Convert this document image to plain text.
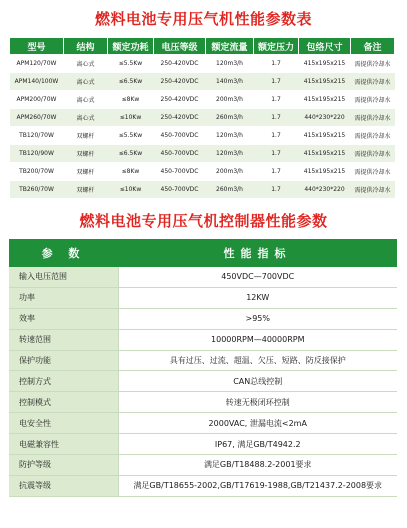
燃料电池专用压气机性能参数表
型号	结构	额定功耗	电压等级	额定流量	额定压力	包络尺寸	备注
APM120/70W	离心式	≤5.5Kw	250-420VDC	120m3/h	1.7	415x195x215	需提供冷却水
APM140/100W	离心式	≤6.5Kw	250-420VDC	140m3/h	1.7	415x195x215	需提供冷却水
APM200/70W	离心式	≤8Kw	250-420VDC	200m3/h	1.7	415x195x215	需提供冷却水
APM260/70W	离心式	≤10Kw	250-420VDC	260m3/h	1.7	440*230*220	需提供冷却水
TB120/70W	双螺杆	≤5.5Kw	450-700VDC	120m3/h	1.7	415x195x215	需提供冷却水
TB120/90W	双螺杆	≤6.5Kw	450-700VDC	120m3/h	1.7	415x195x215	需提供冷却水
TB200/70W	双螺杆	≤8Kw	450-700VDC	200m3/h	1.7	415x195x215	需提供冷却水
TB260/70W	双螺杆	≤10Kw	450-700VDC	260m3/h	1.7	440*230*220	需提供冷却水
燃料电池专用压气机控制器性能参数
参 数	性能指标
输入电压范围	450VDC—700VDC
功率	12KW
效率	>95%
转速范围	10000RPM—40000RPM
保护功能	具有过压、过流、超温、欠压、短路、防反接保护
控制方式	CAN总线控制
控制模式	转速无极闭环控制
电安全性	2000VAC, 泄漏电流<2mA
电磁兼容性	IP67, 满足GB/T4942.2
防护等级	满足GB/T18488.2-2001要求
抗震等级	满足GB/T18655-2002,GB/T17619-1988,GB/T21437.2-2008要求
